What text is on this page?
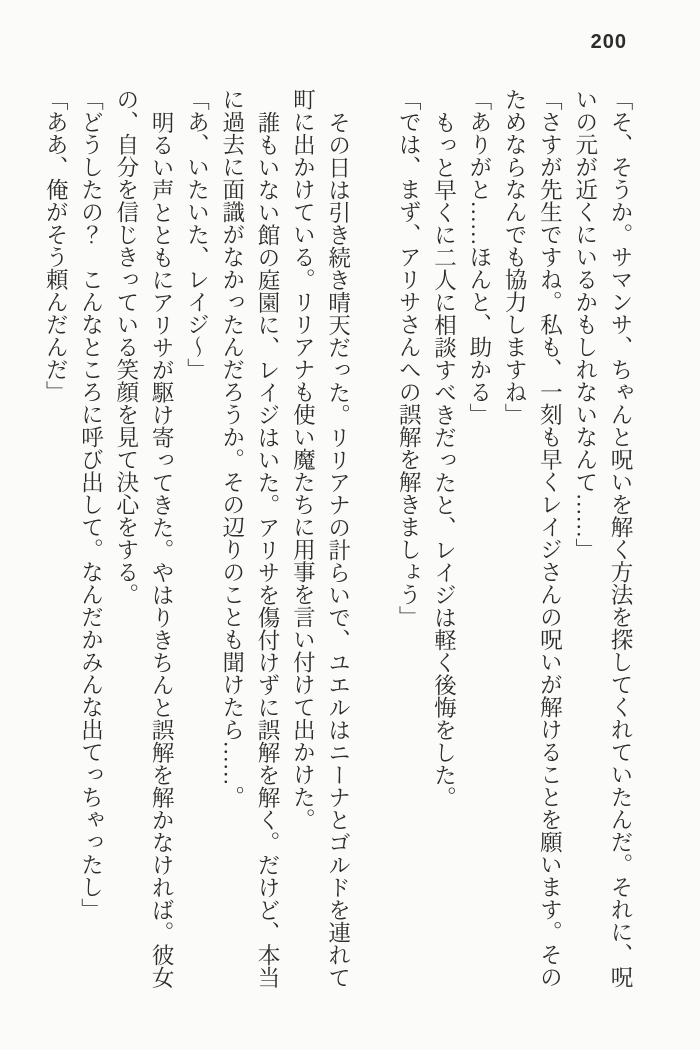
200

「そ、そうか。サマンサ、ちゃんと呪いを解く方法を探してくれていたんだ。それに、呪いの元が近くにいるかもしれないなんて……」

「さすが先生ですね。私も、一刻も早くレイジさんの呪いが解けることを願います。そのためならなんでも協力しますね」

「ありがと……ほんと、助かる」

もっと早くに二人に相談すべきだったと、レイジは軽く後悔をした。

「では、まず、アリサさんへの誤解を解きましょう」

その日は引き続き晴天だった。リリアナの計らいで、ユエルはニーナとゴルドを連れて町に出かけている。リリアナも使い魔たちに用事を言い付けて出かけた。

誰もいない館の庭園に、レイジはいた。アリサを傷付けずに誤解を解く。だけど、本当に過去に面識がなかったんだろうか。その辺りのことも聞けたら……。

「あ、いたいた、レイジ〜」

明るい声とともにアリサが駆け寄ってきた。やはりきちんと誤解を解かなければ。彼女の、自分を信じきっている笑顔を見て決心をする。

「どうしたの？　こんなところに呼び出して。なんだかみんな出てっちゃったし」

「ああ、俺がそう頼んだんだ」
